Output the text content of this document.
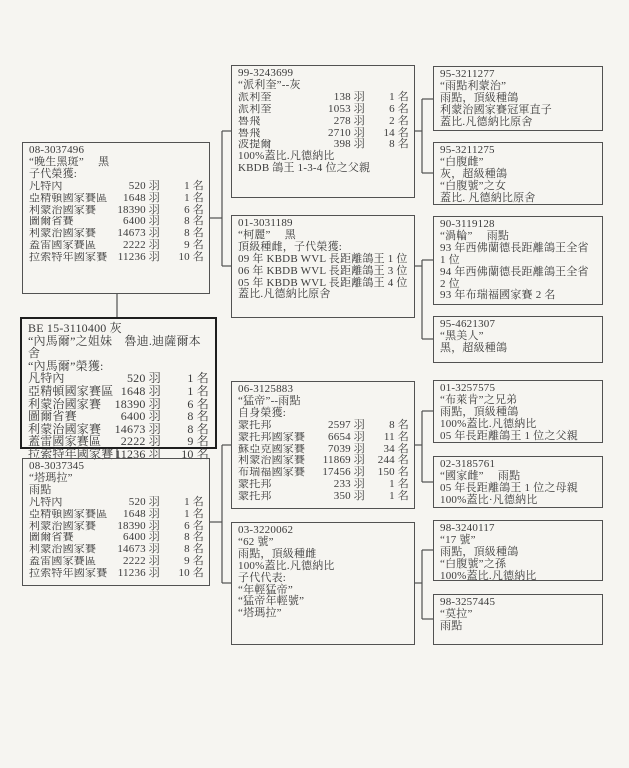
08-3037496
“晚生黑斑”　 黑
子代榮獲:
凡特內	520 羽	1 名
亞精頓國家賽區	1648 羽	1 名
利蒙治國家賽	18390 羽	6 名
圖爾省賽	6400 羽	8 名
利蒙治國家賽	14673 羽	8 名
蓋雷國家賽區	2222 羽	9 名
拉索特年國家賽 11236 羽	10 名
BE 15-3110400 灰
“內馬爾”之姐妹　魯迪.迪薩爾本舍
“內馬爾”榮獲:
凡特內	520 羽	1 名
亞精頓國家賽區 1648 羽	1 名
利蒙治國家賽	18390 羽	6 名
圖爾省賽	6400 羽	8 名
利蒙治國家賽	14673 羽	8 名
蓋雷國家賽區	2222 羽	9 名
拉索特年國家賽 11236 羽	10 名
08-3037345
“塔瑪拉”
雨點
凡特內	520 羽	1 名
亞精頓國家賽區	1648 羽	1 名
利蒙治國家賽	18390 羽	6 名
圖爾省賽	6400 羽	8 名
利蒙治國家賽	14673 羽	8 名
蓋雷國家賽區	2222 羽	9 名
拉索特年國家賽 11236 羽	10 名
99-3243699
“派利奎”--灰
派利奎	138 羽	1 名
派利奎	1053 羽	6 名
魯飛	278 羽	2 名
魯飛	2710 羽	14 名
波提爾	398 羽	8 名
100%蓋比.凡德納比
KBDB 鴿王 1-3-4 位之父親
01-3031189
“柯麗”　 黑
頂級種雌，子代榮獲:
09 年 KBDB WVL 長距離鴿王 1 位
06 年 KBDB WVL 長距離鴿王 3 位
05 年 KBDB WVL 長距離鴿王 4 位
蓋比.凡德納比原舍
06-3125883
“猛帝”--雨點
自身榮獲:
蒙托邦	2597 羽	8 名
蒙托邦國家賽	6654 羽	11 名
蘇亞克國家賽	7039 羽	34 名
利蒙治國家賽	11869 羽	244 名
布瑞福國家賽	17456 羽	150 名
蒙托邦	233 羽	1 名
蒙托邦	350 羽	1 名
03-3220062
“62 號”
雨點，頂級種雌
100%蓋比.凡德納比
子代代表:
“年輕猛帝”
“猛帝年輕號”
“塔瑪拉”
95-3211277
“雨點利蒙治”
雨點，頂級種鴿
利蒙治國家賽冠軍直子
蓋比.凡德納比原舍
95-3211275
“白腹雌”
灰，超級種鴿
“白腹號”之女
蓋比. 凡德納比原舍
90-3119128
“渦輪”　 雨點
93 年西佛蘭德長距離鴿王全省 1 位
94 年西佛蘭德長距離鴿王全省 2 位
93 年布瑞福國家賽 2 名
95-4621307
“黑美人”
黑，超級種鴿
01-3257575
“布萊肯”之兄弟
雨點，頂級種鴿
100%蓋比.凡德納比
05 年長距離鴿王 1 位之父親
02-3185761
“國家雌”　 雨點
05 年長距離鴿王 1 位之母親
100%蓋比·凡德納比
98-3240117
“17 號”
雨點，頂級種鴿
“白腹號”之孫
100%蓋比.凡德納比
98-3257445
“莫拉”
雨點
